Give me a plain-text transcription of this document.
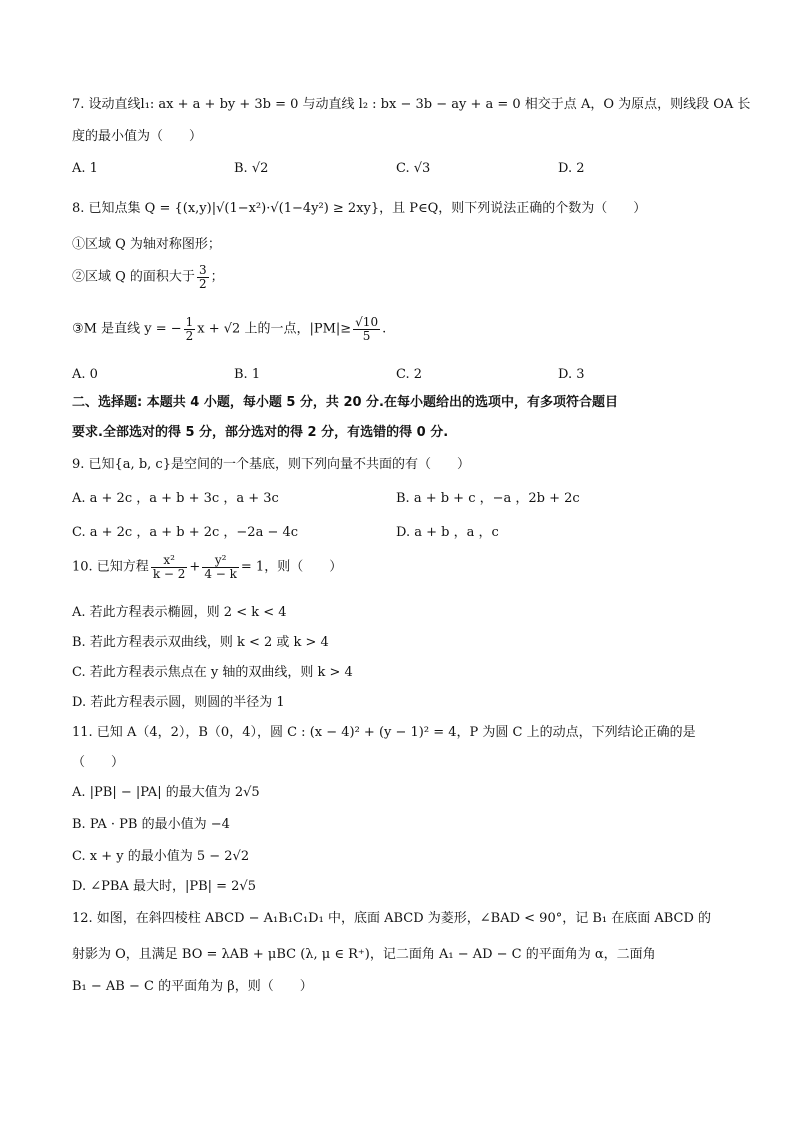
7. 设动直线l₁: ax + a + by + 3b = 0 与动直线 l₂ : bx − 3b − ay + a = 0 相交于点 A，O 为原点，则线段 OA 长
度的最小值为（　　）
A. 1	B. √2	C. √3	D. 2
8. 已知点集 Q = {(x,y)|√(1−x²)·√(1−4y²) ≥ 2xy}，且 P∈Q，则下列说法正确的个数为（　　）
①区域 Q 为轴对称图形；
②区域 Q 的面积大于 $\frac{3}{2}$ ；
③M 是直线 y = − $\frac{1}{2}$ x + √2 上的一点，$|PM|\ge \frac{√10}{5}$ .
A. 0	B. 1	C. 2	D. 3
二、选择题: 本题共 4 小题，每小题 5 分，共 20 分.在每小题给出的选项中，有多项符合题目
要求.全部选对的得 5 分，部分选对的得 2 分，有选错的得 0 分.
9. 已知{a, b, c}是空间的一个基底，则下列向量不共面的有（　　）
A. a + 2c ，a + b + 3c ，a + 3c	B. a + b + c ，−a ，2b + 2c
C. a + 2c ，a + b + 2c ，−2a − 4c	D. a + b ，a ，c
10. 已知方程 $\frac{\text{x²}}{k - 2} + \frac{\text{y²}}{4 - k} = 1$，则（　　）
A. 若此方程表示椭圆，则 2 < k < 4
B. 若此方程表示双曲线，则 k < 2 或 k > 4
C. 若此方程表示焦点在 y 轴的双曲线，则 k > 4
D. 若此方程表示圆，则圆的半径为 1
11. 已知 A（4，2），B（0，4），圆 C : (x − 4)² + (y − 1)² = 4，P 为圆 C 上的动点，下列结论正确的是
（　　）
A. |PB| − |PA| 的最大值为 2√5
B. PA · PB 的最小值为 −4
C. x + y 的最小值为 5 − 2√2
D. ∠PBA 最大时，|PB| = 2√5
12. 如图，在斜四棱柱 ABCD − A₁B₁C₁D₁ 中，底面 ABCD 为菱形，∠BAD < 90°，记 B₁ 在底面 ABCD 的
射影为 O，且满足 BO = λAB + μBC (λ, μ ∈ R⁺)，记二面角 A₁ − AD − C 的平面角为 α，二面角
B₁ − AB − C 的平面角为 β，则（　　）
